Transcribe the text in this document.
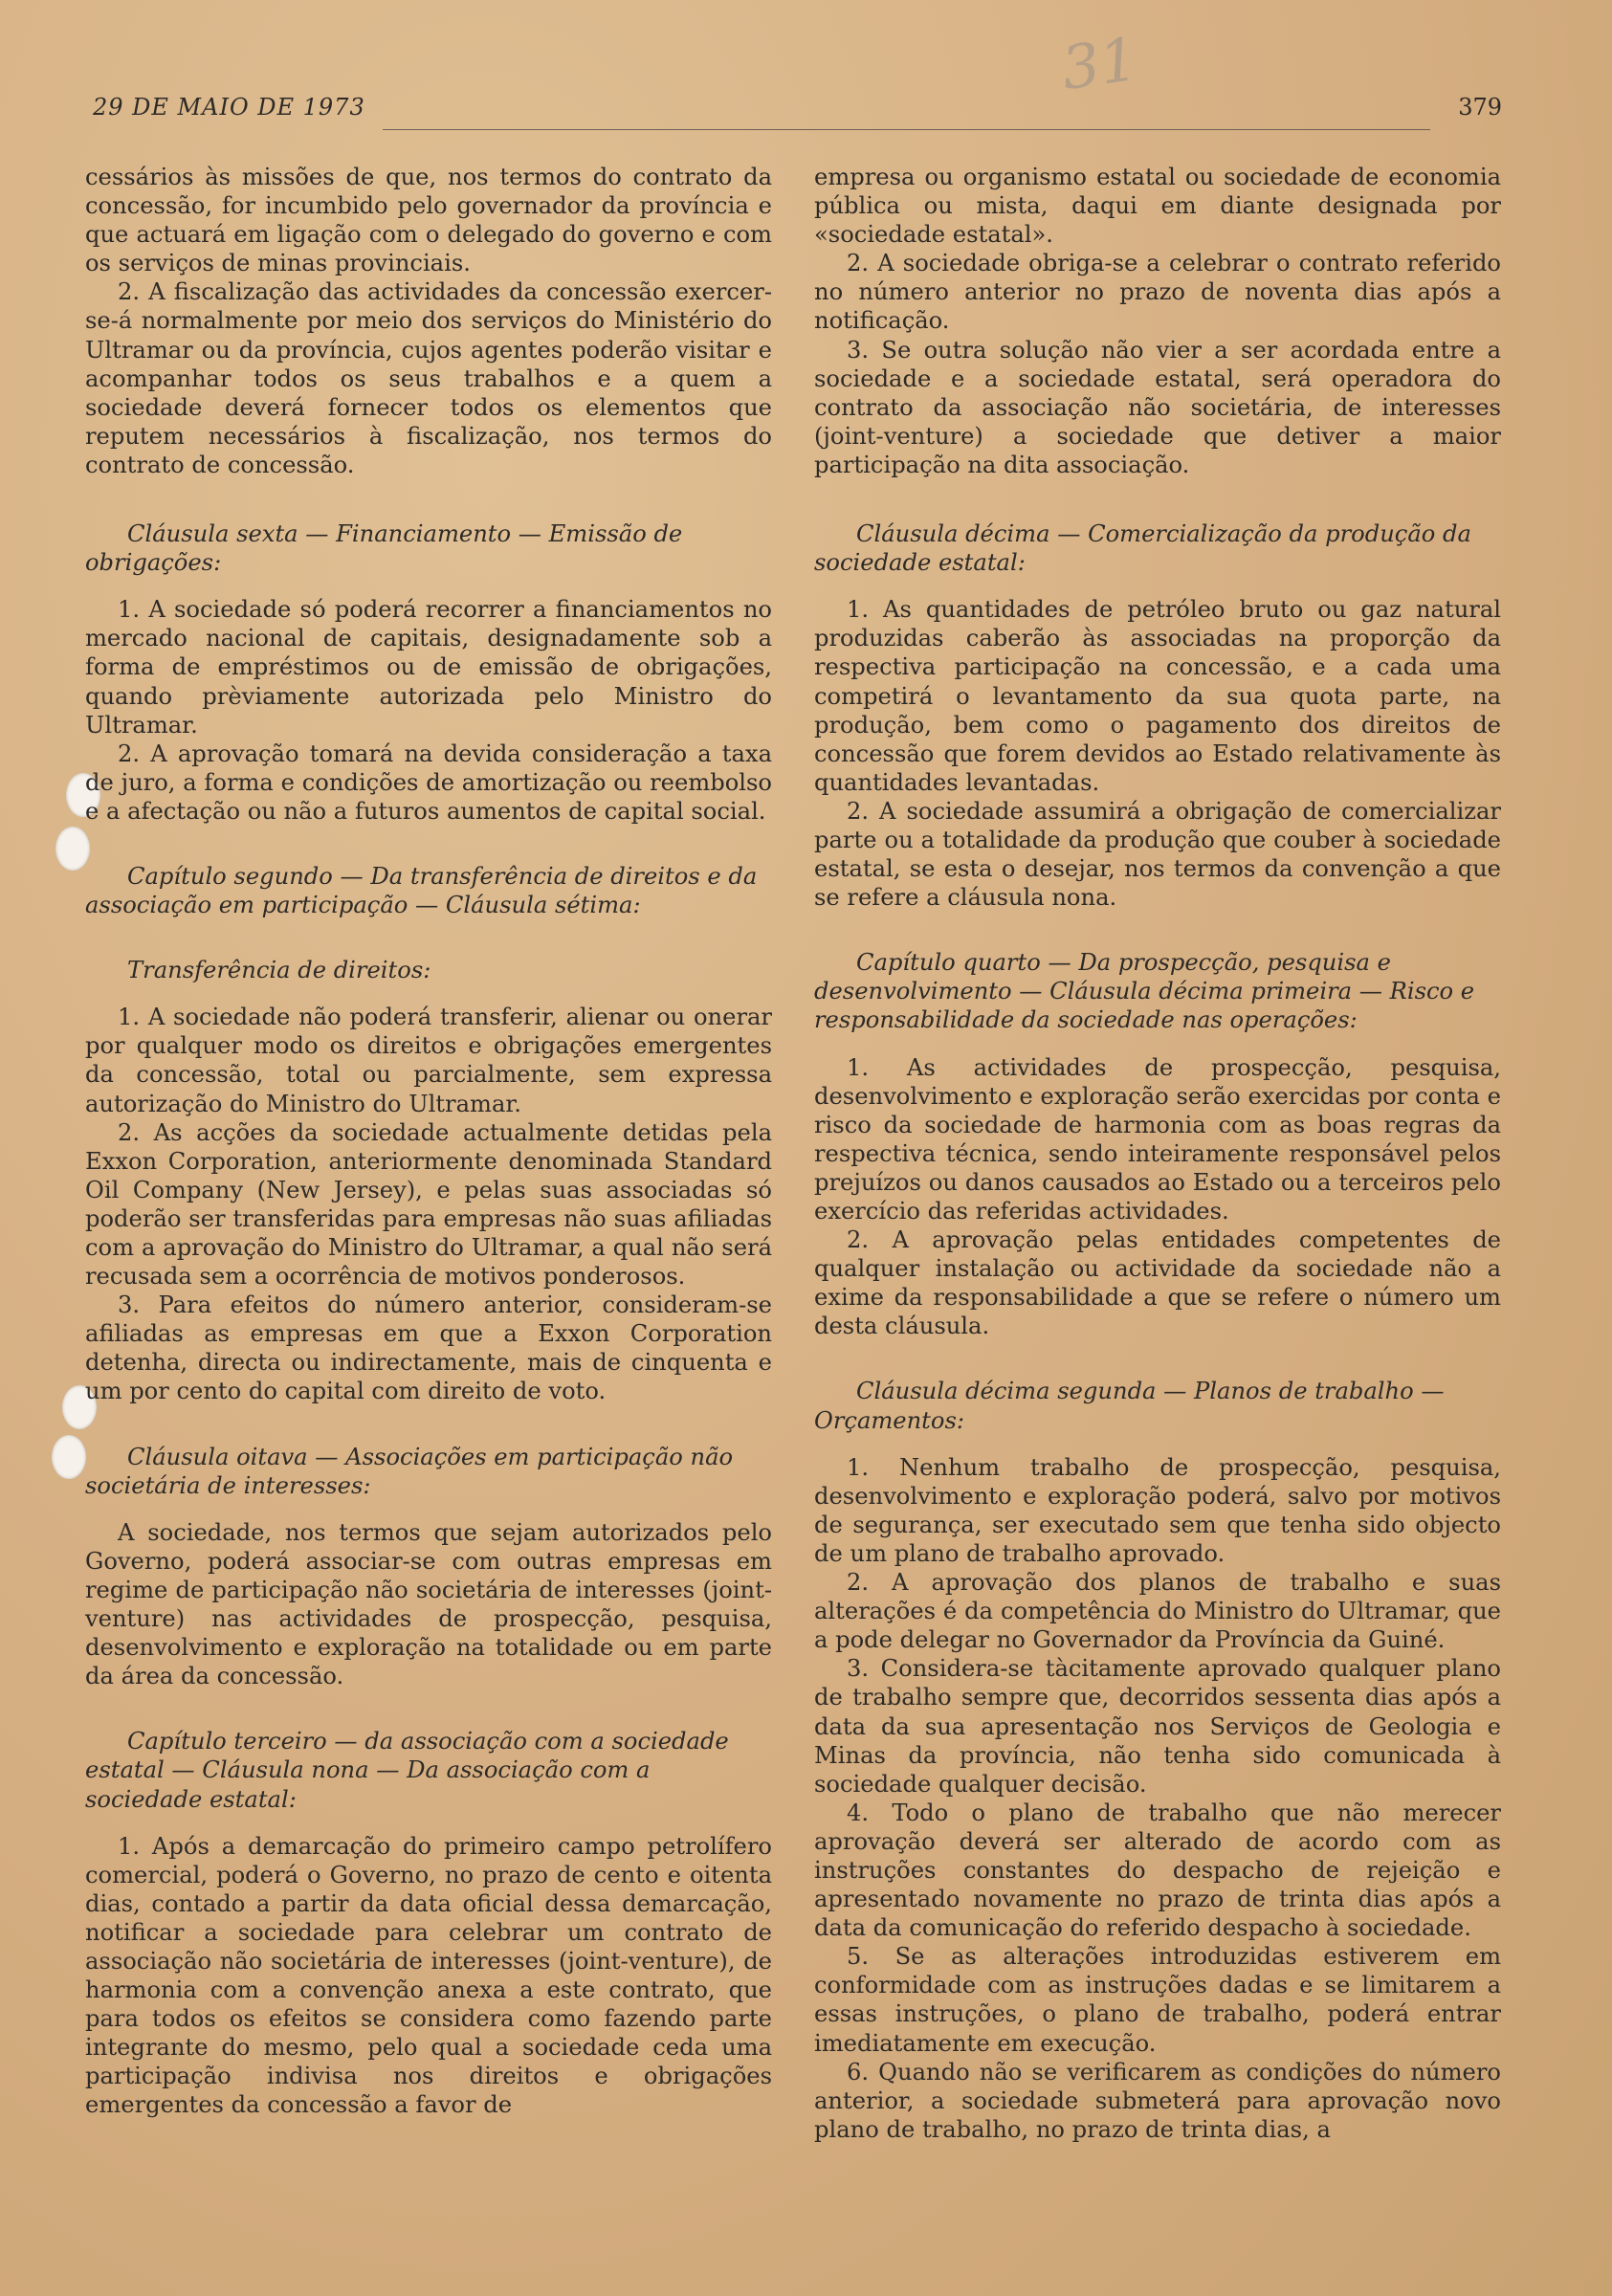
31
29 DE MAIO DE 1973	379

cessários às missões de que, nos termos do contrato da concessão, for incumbido pelo governador da província e que actuará em ligação com o delegado do governo e com os serviços de minas provinciais.

2. A fiscalização das actividades da concessão exercer-se-á normalmente por meio dos serviços do Ministério do Ultramar ou da província, cujos agentes poderão visitar e acompanhar todos os seus trabalhos e a quem a sociedade deverá fornecer todos os elementos que reputem necessários à fiscalização, nos termos do contrato de concessão.

Cláusula sexta — Financiamento — Emissão de obrigações:

1. A sociedade só poderá recorrer a financiamentos no mercado nacional de capitais, designadamente sob a forma de empréstimos ou de emissão de obrigações, quando prèviamente autorizada pelo Ministro do Ultramar.

2. A aprovação tomará na devida consideração a taxa de juro, a forma e condições de amortização ou reembolso e a afectação ou não a futuros aumentos de capital social.

Capítulo segundo — Da transferência de direitos e da associação em participação — Cláusula sétima:

Transferência de direitos:

1. A sociedade não poderá transferir, alienar ou onerar por qualquer modo os direitos e obrigações emergentes da concessão, total ou parcialmente, sem expressa autorização do Ministro do Ultramar.

2. As acções da sociedade actualmente detidas pela Exxon Corporation, anteriormente denominada Standard Oil Company (New Jersey), e pelas suas associadas só poderão ser transferidas para empresas não suas afiliadas com a aprovação do Ministro do Ultramar, a qual não será recusada sem a ocorrência de motivos ponderosos.

3. Para efeitos do número anterior, consideram-se afiliadas as empresas em que a Exxon Corporation detenha, directa ou indirectamente, mais de cinquenta e um por cento do capital com direito de voto.

Cláusula oitava — Associações em participação não societária de interesses:

A sociedade, nos termos que sejam autorizados pelo Governo, poderá associar-se com outras empresas em regime de participação não societária de interesses (joint-venture) nas actividades de prospecção, pesquisa, desenvolvimento e exploração na totalidade ou em parte da área da concessão.

Capítulo terceiro — da associação com a sociedade estatal — Cláusula nona — Da associação com a sociedade estatal:

1. Após a demarcação do primeiro campo petrolífero comercial, poderá o Governo, no prazo de cento e oitenta dias, contado a partir da data oficial dessa demarcação, notificar a sociedade para celebrar um contrato de associação não societária de interesses (joint-venture), de harmonia com a convenção anexa a este contrato, que para todos os efeitos se considera como fazendo parte integrante do mesmo, pelo qual a sociedade ceda uma participação indivisa nos direitos e obrigações emergentes da concessão a favor de

empresa ou organismo estatal ou sociedade de economia pública ou mista, daqui em diante designada por «sociedade estatal».

2. A sociedade obriga-se a celebrar o contrato referido no número anterior no prazo de noventa dias após a notificação.

3. Se outra solução não vier a ser acordada entre a sociedade e a sociedade estatal, será operadora do contrato da associação não societária, de interesses (joint-venture) a sociedade que detiver a maior participação na dita associação.

Cláusula décima — Comercialização da produção da sociedade estatal:

1. As quantidades de petróleo bruto ou gaz natural produzidas caberão às associadas na proporção da respectiva participação na concessão, e a cada uma competirá o levantamento da sua quota parte, na produção, bem como o pagamento dos direitos de concessão que forem devidos ao Estado relativamente às quantidades levantadas.

2. A sociedade assumirá a obrigação de comercializar parte ou a totalidade da produção que couber à sociedade estatal, se esta o desejar, nos termos da convenção a que se refere a cláusula nona.

Capítulo quarto — Da prospecção, pesquisa e desenvolvimento — Cláusula décima primeira — Risco e responsabilidade da sociedade nas operações:

1. As actividades de prospecção, pesquisa, desenvolvimento e exploração serão exercidas por conta e risco da sociedade de harmonia com as boas regras da respectiva técnica, sendo inteiramente responsável pelos prejuízos ou danos causados ao Estado ou a terceiros pelo exercício das referidas actividades.

2. A aprovação pelas entidades competentes de qualquer instalação ou actividade da sociedade não a exime da responsabilidade a que se refere o número um desta cláusula.

Cláusula décima segunda — Planos de trabalho — Orçamentos:

1. Nenhum trabalho de prospecção, pesquisa, desenvolvimento e exploração poderá, salvo por motivos de segurança, ser executado sem que tenha sido objecto de um plano de trabalho aprovado.

2. A aprovação dos planos de trabalho e suas alterações é da competência do Ministro do Ultramar, que a pode delegar no Governador da Província da Guiné.

3. Considera-se tàcitamente aprovado qualquer plano de trabalho sempre que, decorridos sessenta dias após a data da sua apresentação nos Serviços de Geologia e Minas da província, não tenha sido comunicada à sociedade qualquer decisão.

4. Todo o plano de trabalho que não merecer aprovação deverá ser alterado de acordo com as instruções constantes do despacho de rejeição e apresentado novamente no prazo de trinta dias após a data da comunicação do referido despacho à sociedade.

5. Se as alterações introduzidas estiverem em conformidade com as instruções dadas e se limitarem a essas instruções, o plano de trabalho, poderá entrar imediatamente em execução.

6. Quando não se verificarem as condições do número anterior, a sociedade submeterá para aprovação novo plano de trabalho, no prazo de trinta dias, a
